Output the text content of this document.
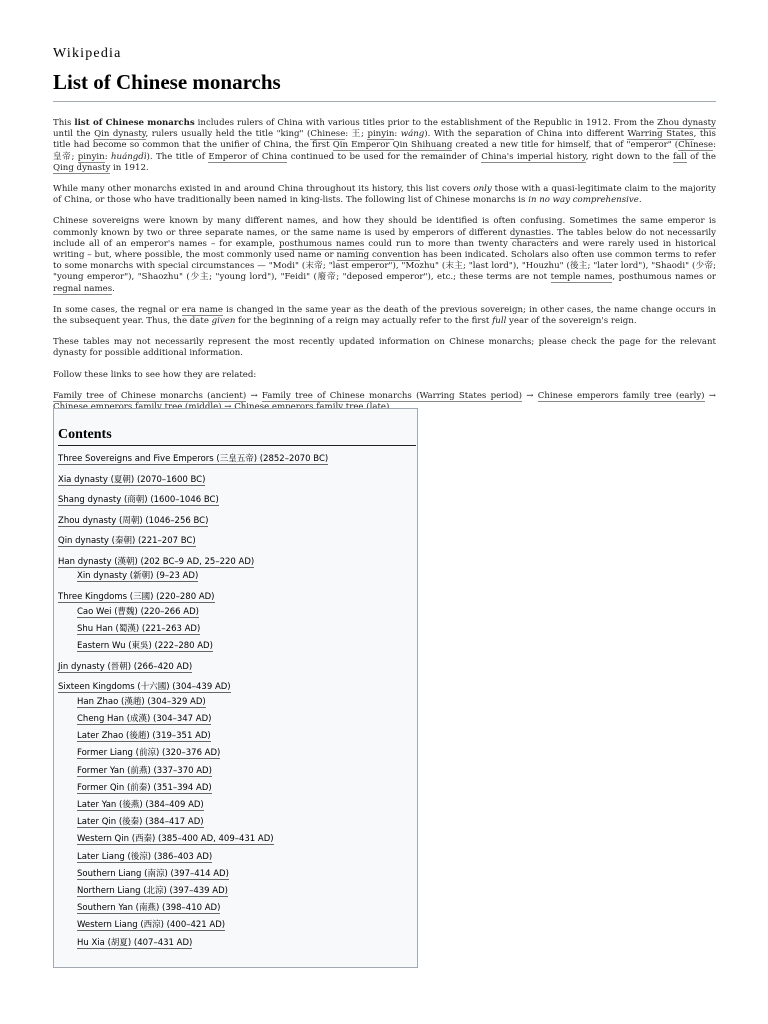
Wikipedia
List of Chinese monarchs

This list of Chinese monarchs includes rulers of China with various titles prior to the establishment of the Republic in 1912. From the Zhou dynasty until the Qin dynasty, rulers usually held the title "king" (Chinese: 王; pinyin: wáng). With the separation of China into different Warring States, this title had become so common that the unifier of China, the first Qin Emperor Qin Shihuang created a new title for himself, that of "emperor" (Chinese: 皇帝; pinyin: huángdì). The title of Emperor of China continued to be used for the remainder of China's imperial history, right down to the fall of the Qing dynasty in 1912.

While many other monarchs existed in and around China throughout its history, this list covers only those with a quasi-legitimate claim to the majority of China, or those who have traditionally been named in king-lists. The following list of Chinese monarchs is in no way comprehensive.

Chinese sovereigns were known by many different names, and how they should be identified is often confusing. Sometimes the same emperor is commonly known by two or three separate names, or the same name is used by emperors of different dynasties. The tables below do not necessarily include all of an emperor's names – for example, posthumous names could run to more than twenty characters and were rarely used in historical writing – but, where possible, the most commonly used name or naming convention has been indicated. Scholars also often use common terms to refer to some monarchs with special circumstances — "Modi" (末帝; "last emperor"), "Mozhu" (末主; "last lord"), "Houzhu" (後主; "later lord"), "Shaodi" (少帝; "young emperor"), "Shaozhu" (少主; "young lord"), "Feidi" (廢帝; "deposed emperor"), etc.; these terms are not temple names, posthumous names or regnal names.

In some cases, the regnal or era name is changed in the same year as the death of the previous sovereign; in other cases, the name change occurs in the subsequent year. Thus, the date given for the beginning of a reign may actually refer to the first full year of the sovereign's reign.

These tables may not necessarily represent the most recently updated information on Chinese monarchs; please check the page for the relevant dynasty for possible additional information.

Follow these links to see how they are related:

Family tree of Chinese monarchs (ancient) → Family tree of Chinese monarchs (Warring States period) → Chinese emperors family tree (early) →

Contents
Three Sovereigns and Five Emperors (三皇五帝) (2852–2070 BC)
Xia dynasty (夏朝) (2070–1600 BC)
Shang dynasty (商朝) (1600–1046 BC)
Zhou dynasty (周朝) (1046–256 BC)
Qin dynasty (秦朝) (221–207 BC)
Han dynasty (漢朝) (202 BC–9 AD, 25–220 AD)
Xin dynasty (新朝) (9–23 AD)
Three Kingdoms (三國) (220–280 AD)
Cao Wei (曹魏) (220–266 AD)
Shu Han (蜀漢) (221–263 AD)
Eastern Wu (東吳) (222–280 AD)
Jin dynasty (晉朝) (266–420 AD)
Sixteen Kingdoms (十六國) (304–439 AD)
Han Zhao (漢趙) (304–329 AD)
Cheng Han (成漢) (304–347 AD)
Later Zhao (後趙) (319–351 AD)
Former Liang (前涼) (320–376 AD)
Former Yan (前燕) (337–370 AD)
Former Qin (前秦) (351–394 AD)
Later Yan (後燕) (384–409 AD)
Later Qin (後秦) (384–417 AD)
Western Qin (西秦) (385–400 AD, 409–431 AD)
Later Liang (後涼) (386–403 AD)
Southern Liang (南涼) (397–414 AD)
Northern Liang (北涼) (397–439 AD)
Southern Yan (南燕) (398–410 AD)
Western Liang (西涼) (400–421 AD)
Hu Xia (胡夏) (407–431 AD)
